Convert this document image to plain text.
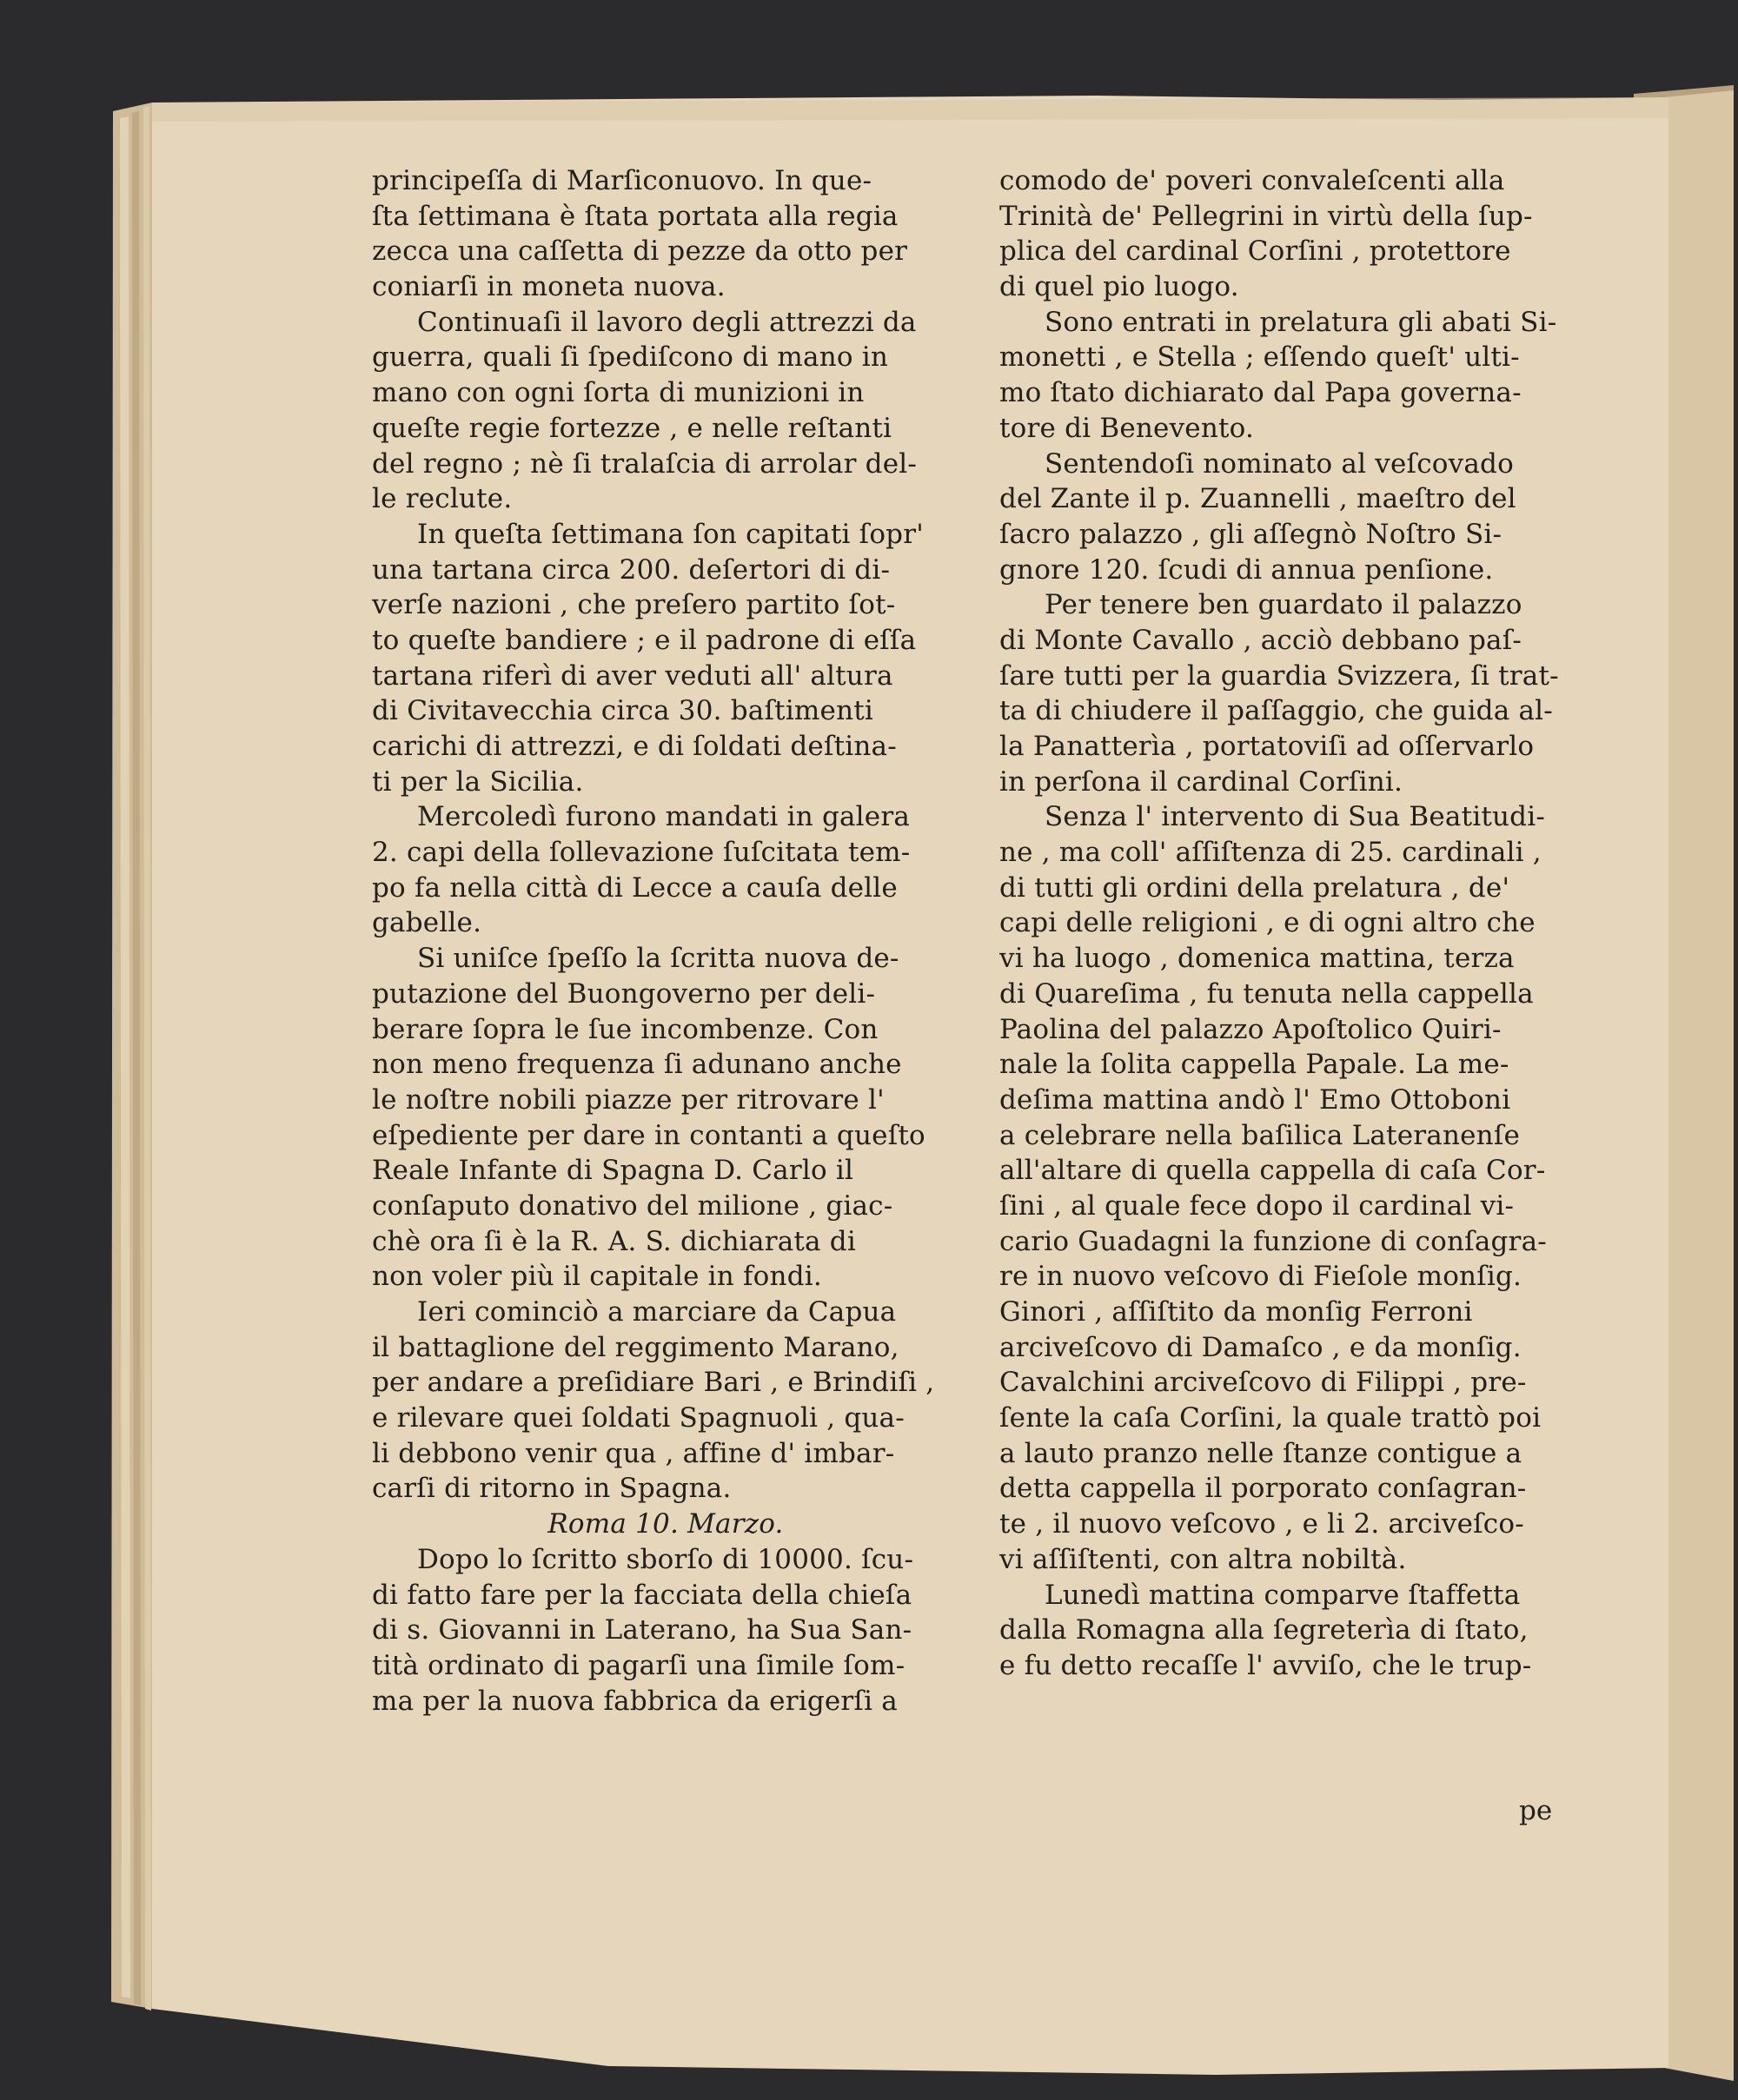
principeſſa di Marſiconuovo. In que-
ſta ſettimana è ſtata portata alla regia
zecca una caſſetta di pezze da otto per
coniarſi in moneta nuova.
Continuaſi il lavoro degli attrezzi da
guerra, quali ſi ſpediſcono di mano in
mano con ogni ſorta di munizioni in
queſte regie fortezze , e nelle reſtanti
del regno ; nè ſi tralaſcia di arrolar del-
le reclute.
In queſta ſettimana ſon capitati ſopr'
una tartana circa 200. deſertori di di-
verſe nazioni , che preſero partito ſot-
to queſte bandiere ; e il padrone di eſſa
tartana riferì di aver veduti all' altura
di Civitavecchia circa 30. baſtimenti
carichi di attrezzi, e di ſoldati deſtina-
ti per la Sicilia.
Mercoledì furono mandati in galera
2. capi della ſollevazione ſuſcitata tem-
po fa nella città di Lecce a cauſa delle
gabelle.
Si uniſce ſpeſſo la ſcritta nuova de-
putazione del Buongoverno per deli-
berare ſopra le ſue incombenze. Con
non meno frequenza ſi adunano anche
le noſtre nobili piazze per ritrovare l'
eſpediente per dare in contanti a queſto
Reale Infante di Spagna D. Carlo il
conſaputo donativo del milione , giac-
chè ora ſi è la R. A. S. dichiarata di
non voler più il capitale in fondi.
Ieri cominciò a marciare da Capua
il battaglione del reggimento Marano,
per andare a preſidiare Bari , e Brindiſi ,
e rilevare quei ſoldati Spagnuoli , qua-
li debbono venir qua , affine d' imbar-
carſi di ritorno in Spagna.
Roma 10. Marzo.
Dopo lo ſcritto sborſo di 10000. ſcu-
di fatto fare per la facciata della chieſa
di s. Giovanni in Laterano, ha Sua San-
tità ordinato di pagarſi una ſimile ſom-
ma per la nuova fabbrica da erigerſi a
comodo de' poveri convaleſcenti alla
Trinità de' Pellegrini in virtù della ſup-
plica del cardinal Corſini , protettore
di quel pio luogo.
Sono entrati in prelatura gli abati Si-
monetti , e Stella ; eſſendo queſt' ulti-
mo ſtato dichiarato dal Papa governa-
tore di Benevento.
Sentendoſi nominato al veſcovado
del Zante il p. Zuannelli , maeſtro del
ſacro palazzo , gli aſſegnò Noſtro Si-
gnore 120. ſcudi di annua penſione.
Per tenere ben guardato il palazzo
di Monte Cavallo , acciò debbano paſ-
ſare tutti per la guardia Svizzera, ſi trat-
ta di chiudere il paſſaggio, che guida al-
la Panatterìa , portatoviſi ad oſſervarlo
in perſona il cardinal Corſini.
Senza l' intervento di Sua Beatitudi-
ne , ma coll' aſſiſtenza di 25. cardinali ,
di tutti gli ordini della prelatura , de'
capi delle religioni , e di ogni altro che
vi ha luogo , domenica mattina, terza
di Quareſima , fu tenuta nella cappella
Paolina del palazzo Apoſtolico Quiri-
nale la ſolita cappella Papale. La me-
deſima mattina andò l' Emo Ottoboni
a celebrare nella baſilica Lateranenſe
all'altare di quella cappella di caſa Cor-
ſini , al quale fece dopo il cardinal vi-
cario Guadagni la funzione di conſagra-
re in nuovo veſcovo di Fieſole monſig.
Ginori , aſſiſtito da monſig Ferroni
arciveſcovo di Damaſco , e da monſig.
Cavalchini arciveſcovo di Filippi , pre-
ſente la caſa Corſini, la quale trattò poi
a lauto pranzo nelle ſtanze contigue a
detta cappella il porporato conſagran-
te , il nuovo veſcovo , e li 2. arciveſco-
vi aſſiſtenti, con altra nobiltà.
Lunedì mattina comparve ſtaffetta
dalla Romagna alla ſegreterìa di ſtato,
e fu detto recaſſe l' avviſo, che le trup-
pe
